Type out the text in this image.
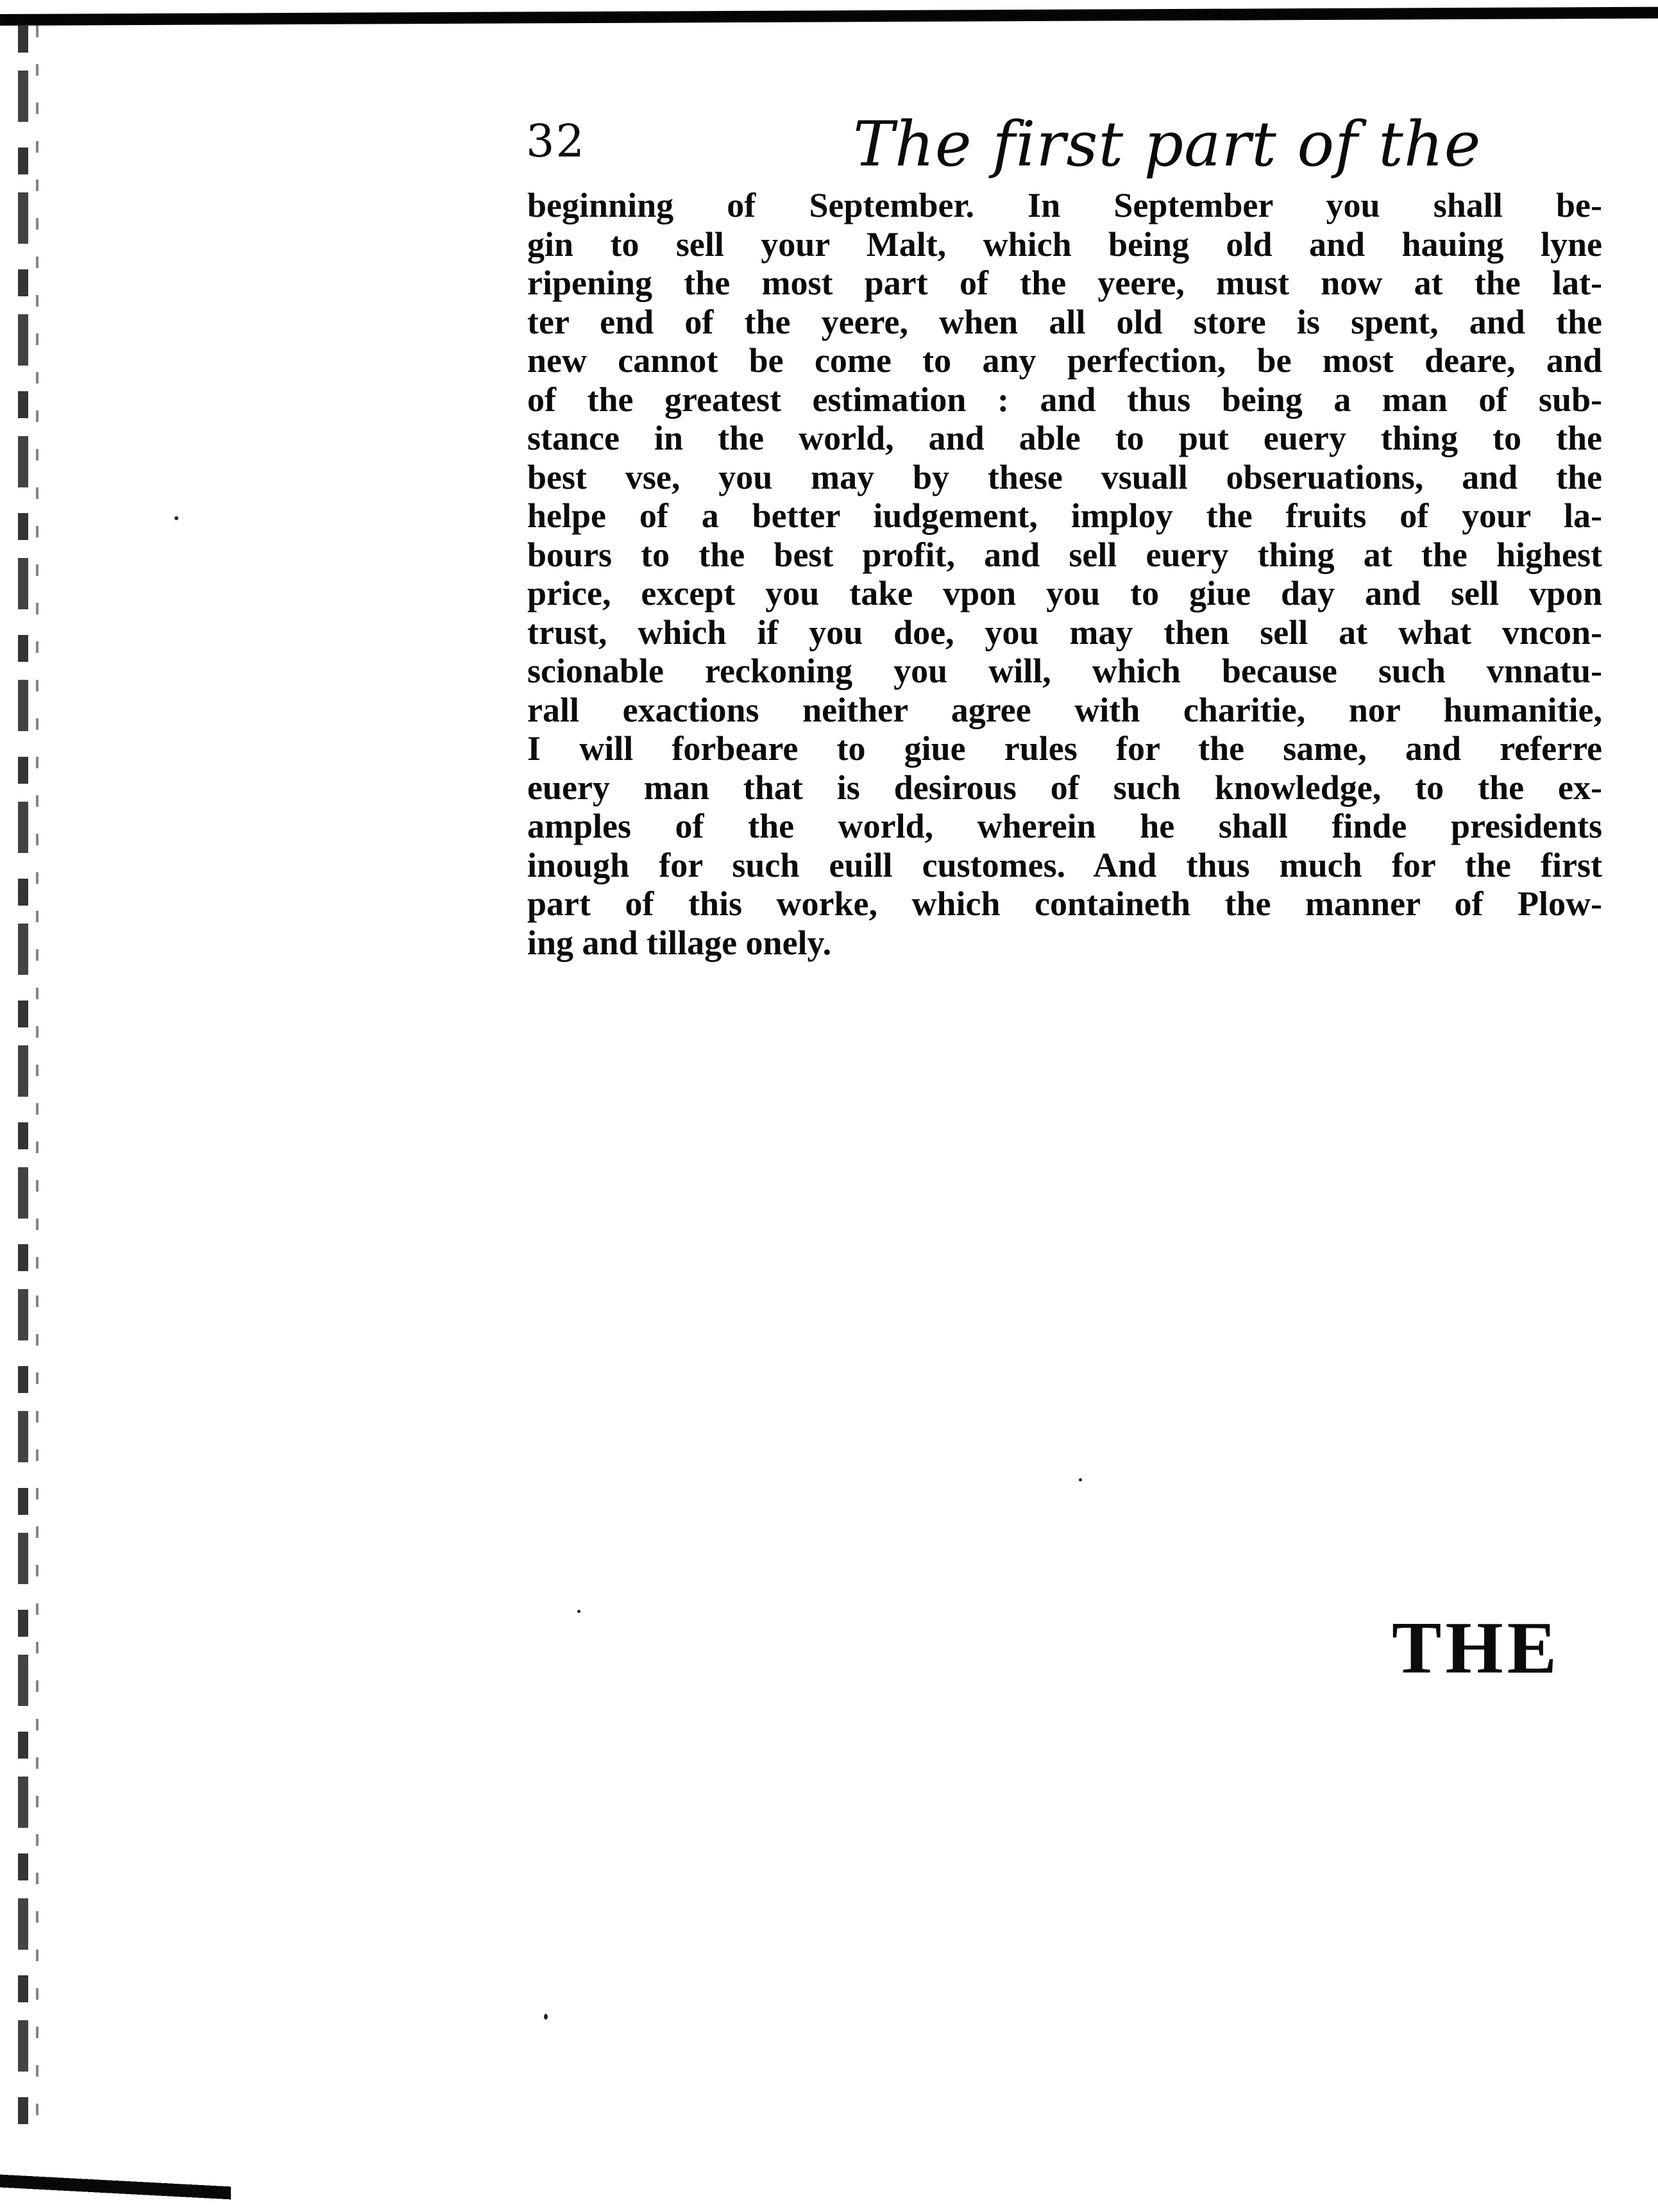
32	The first part of the
beginning of September. In September you shall be-
gin to sell your Malt, which being old and hauing lyne
ripening the most part of the yeere, must now at the lat-
ter end of the yeere, when all old store is spent, and the
new cannot be come to any perfection, be most deare, and
of the greatest estimation : and thus being a man of sub-
stance in the world, and able to put euery thing to the
best vse, you may by these vsuall obseruations, and the
helpe of a better iudgement, imploy the fruits of your la-
bours to the best profit, and sell euery thing at the highest
price, except you take vpon you to giue day and sell vpon
trust, which if you doe, you may then sell at what vncon-
scionable reckoning you will, which because such vnnatu-
rall exactions neither agree with charitie, nor humanitie,
I will forbeare to giue rules for the same, and referre
euery man that is desirous of such knowledge, to the ex-
amples of the world, wherein he shall finde presidents
inough for such euill customes. And thus much for the first
part of this worke, which containeth the manner of Plow-
ing and tillage onely.
THE
